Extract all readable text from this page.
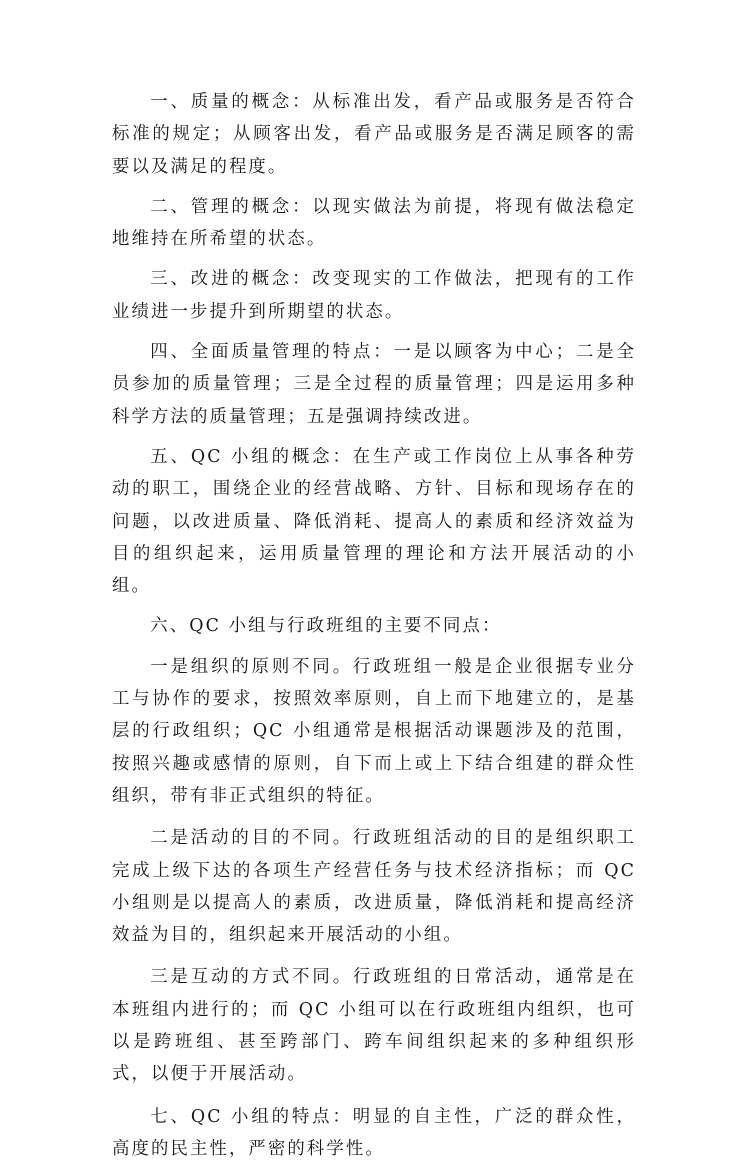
一、质量的概念：从标准出发，看产品或服务是否符合标准的规定；从顾客出发，看产品或服务是否满足顾客的需要以及满足的程度。

二、管理的概念：以现实做法为前提，将现有做法稳定地维持在所希望的状态。

三、改进的概念：改变现实的工作做法，把现有的工作业绩进一步提升到所期望的状态。

四、全面质量管理的特点：一是以顾客为中心；二是全员参加的质量管理；三是全过程的质量管理；四是运用多种科学方法的质量管理；五是强调持续改进。

五、QC 小组的概念：在生产或工作岗位上从事各种劳动的职工，围绕企业的经营战略、方针、目标和现场存在的问题，以改进质量、降低消耗、提高人的素质和经济效益为目的组织起来，运用质量管理的理论和方法开展活动的小组。

六、QC 小组与行政班组的主要不同点：

一是组织的原则不同。行政班组一般是企业很据专业分工与协作的要求，按照效率原则，自上而下地建立的，是基层的行政组织；QC 小组通常是根据活动课题涉及的范围，按照兴趣或感情的原则，自下而上或上下结合组建的群众性组织，带有非正式组织的特征。

二是活动的目的不同。行政班组活动的目的是组织职工完成上级下达的各项生产经营任务与技术经济指标；而 QC 小组则是以提高人的素质，改进质量，降低消耗和提高经济效益为目的，组织起来开展活动的小组。

三是互动的方式不同。行政班组的日常活动，通常是在本班组内进行的；而 QC 小组可以在行政班组内组织，也可以是跨班组、甚至跨部门、跨车间组织起来的多种组织形式，以便于开展活动。

七、QC 小组的特点：明显的自主性，广泛的群众性，高度的民主性，严密的科学性。
